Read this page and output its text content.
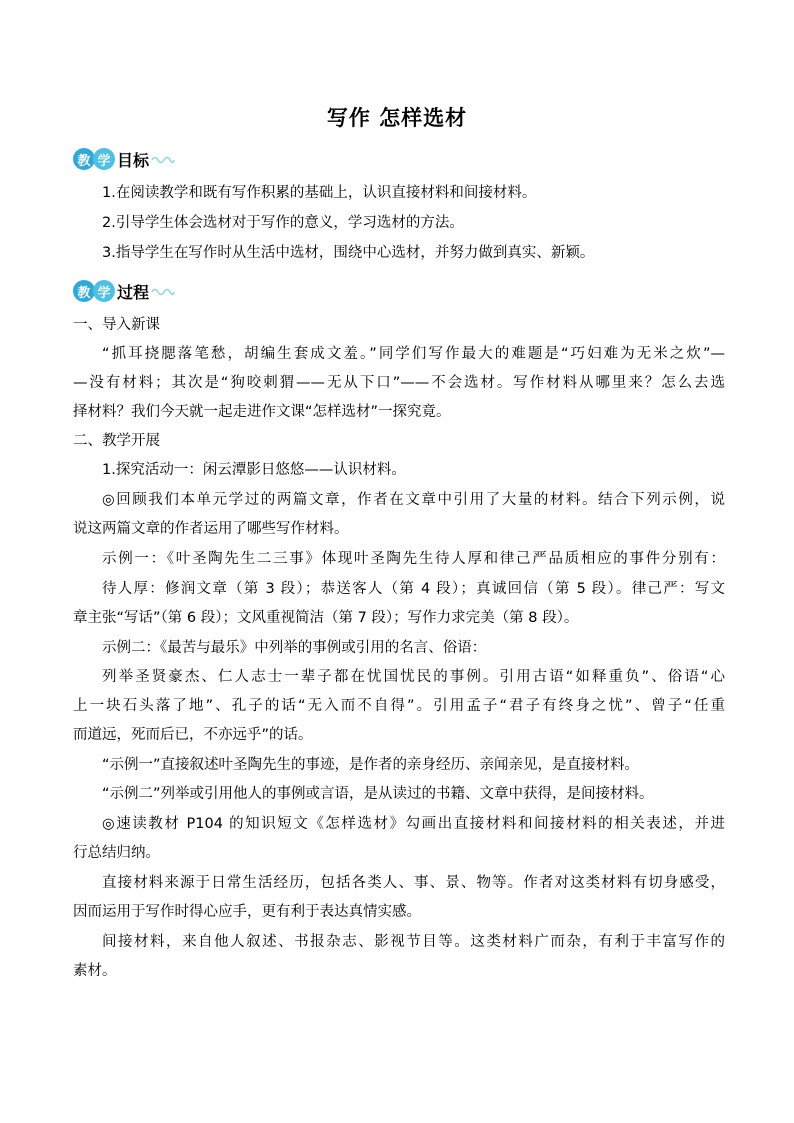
写作 怎样选材
教 学 目标
1.在阅读教学和既有写作积累的基础上，认识直接材料和间接材料。
2.引导学生体会选材对于写作的意义，学习选材的方法。
3.指导学生在写作时从生活中选材，围绕中心选材，并努力做到真实、新颖。
教 学 过程
一、导入新课
“抓耳挠腮落笔愁，胡编生套成文羞。”同学们写作最大的难题是“巧妇难为无米之炊”—
—没有材料；其次是“狗咬刺猬——无从下口”——不会选材。写作材料从哪里来？怎么去选
择材料？我们今天就一起走进作文课“怎样选材”一探究竟。
二、教学开展
1.探究活动一：闲云潭影日悠悠——认识材料。
◎回顾我们本单元学过的两篇文章，作者在文章中引用了大量的材料。结合下列示例，说
说这两篇文章的作者运用了哪些写作材料。
示例一：《叶圣陶先生二三事》体现叶圣陶先生待人厚和律己严品质相应的事件分别有：
待人厚：修润文章（第 3 段）；恭送客人（第 4 段）；真诚回信（第 5 段）。律己严：写文
章主张“写话”（第 6 段）；文风重视简洁（第 7 段）；写作力求完美（第 8 段）。
示例二：《最苦与最乐》中列举的事例或引用的名言、俗语：
列举圣贤豪杰、仁人志士一辈子都在忧国忧民的事例。引用古语“如释重负”、俗语“心
上一块石头落了地”、孔子的话“无入而不自得”。引用孟子“君子有终身之忧”、曾子“任重
而道远，死而后已，不亦远乎”的话。
“示例一”直接叙述叶圣陶先生的事迹，是作者的亲身经历、亲闻亲见，是直接材料。
“示例二”列举或引用他人的事例或言语，是从读过的书籍、文章中获得，是间接材料。
◎速读教材 P104 的知识短文《怎样选材》勾画出直接材料和间接材料的相关表述，并进
行总结归纳。
直接材料来源于日常生活经历，包括各类人、事、景、物等。作者对这类材料有切身感受，
因而运用于写作时得心应手，更有利于表达真情实感。
间接材料，来自他人叙述、书报杂志、影视节目等。这类材料广而杂，有利于丰富写作的
素材。
